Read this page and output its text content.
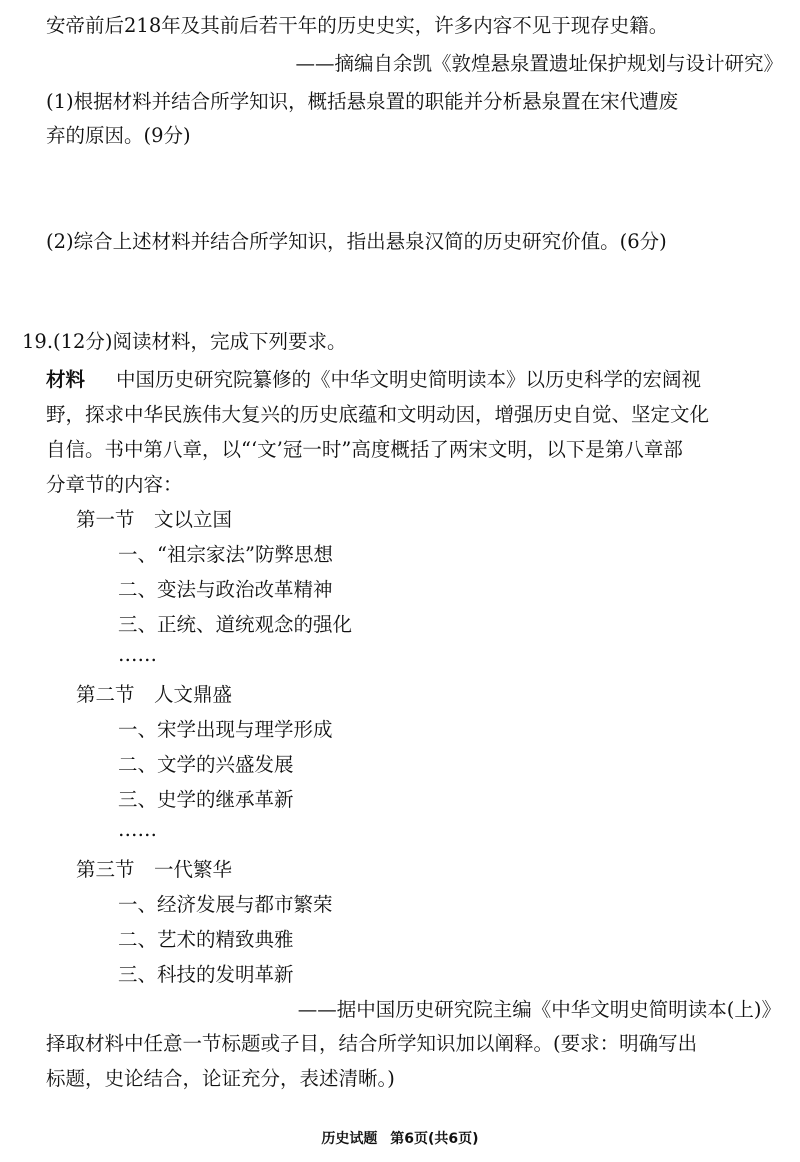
安帝前后218年及其前后若干年的历史史实，许多内容不见于现存史籍。
——摘编自余凯《敦煌悬泉置遗址保护规划与设计研究》
(1)根据材料并结合所学知识，概括悬泉置的职能并分析悬泉置在宋代遭废
弃的原因。(9分)
(2)综合上述材料并结合所学知识，指出悬泉汉简的历史研究价值。(6分)
19.(12分)阅读材料，完成下列要求。
材料 中国历史研究院纂修的《中华文明史简明读本》以历史科学的宏阔视
野，探求中华民族伟大复兴的历史底蕴和文明动因，增强历史自觉、坚定文化
自信。书中第八章，以“‘文’冠一时”高度概括了两宋文明，以下是第八章部
分章节的内容：
第一节　文以立国
一、“祖宗家法”防弊思想
二、变法与政治改革精神
三、正统、道统观念的强化
……
第二节　人文鼎盛
一、宋学出现与理学形成
二、文学的兴盛发展
三、史学的继承革新
……
第三节　一代繁华
一、经济发展与都市繁荣
二、艺术的精致典雅
三、科技的发明革新
——据中国历史研究院主编《中华文明史简明读本(上)》
择取材料中任意一节标题或子目，结合所学知识加以阐释。(要求：明确写出
标题，史论结合，论证充分，表述清晰。)
历史试题 第6页(共6页)
